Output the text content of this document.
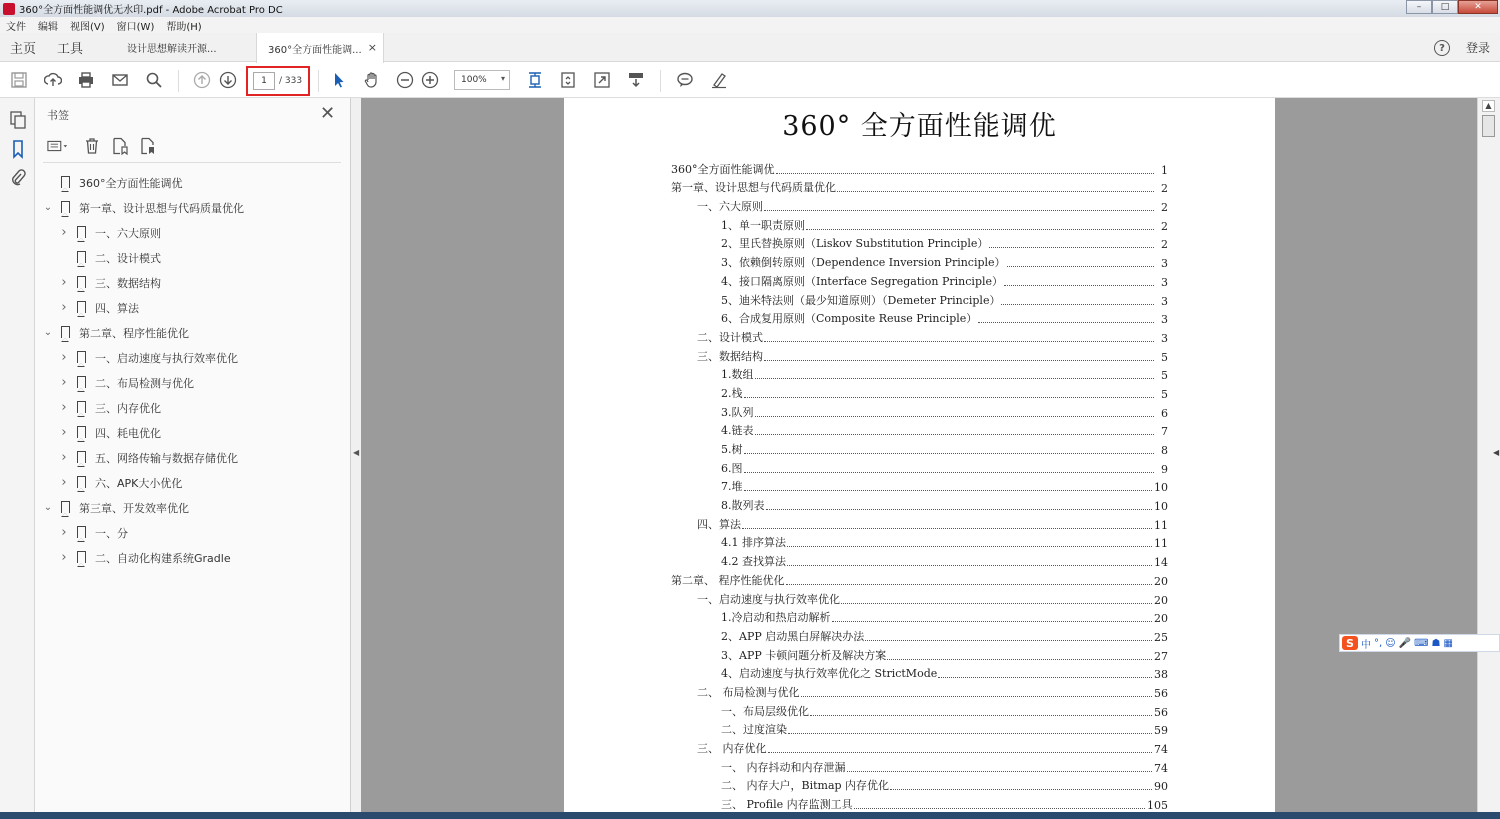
360°全方面性能调优无水印.pdf - Adobe Acrobat Pro DC	–	□	✕
文件	编辑	视图(V)	窗口(W)	帮助(H)
主页 工具	设计思想解读开源...	360°全方面性能调... ×	?	登录
1	/ 333	100% ▾
书签	✕
360°全方面性能调优
⌄ 第一章、设计思想与代码质量优化
›	一、六大原则
二、设计模式
›	三、数据结构
›	四、算法
⌄ 第二章、程序性能优化
›	一、启动速度与执行效率优化
›	二、布局检测与优化
›	三、内存优化
›	四、耗电优化
›	五、网络传输与数据存储优化
›	六、APK大小优化
⌄ 第三章、开发效率优化
›	一、分
›	二、自动化构建系统Gradle
◀
360° 全方面性能调优
360°全方面性能调优	1
第一章、设计思想与代码质量优化	2
一、六大原则	2
1、单一职责原则	2
2、里氏替换原则（Liskov Substitution Principle）	2
3、依赖倒转原则（Dependence Inversion Principle）	3
4、接口隔离原则（Interface Segregation Principle）	3
5、迪米特法则（最少知道原则）（Demeter Principle）	3
6、合成复用原则（Composite Reuse Principle）	3
二、设计模式	3
三、数据结构	5
1.数组	5
2.栈	5
3.队列	6
4.链表	7
5.树	8
6.图	9
7.堆	10
8.散列表	10
四、算法	11
4.1 排序算法	11
4.2 查找算法	14
第二章、 程序性能优化	20
一、启动速度与执行效率优化	20
1.冷启动和热启动解析	20
2、APP 启动黑白屏解决办法	25
3、APP 卡顿问题分析及解决方案	27
4、启动速度与执行效率优化之 StrictMode	38
二、 布局检测与优化	56
一、布局层级优化	56
二、过度渲染	59
三、 内存优化	74
一、 内存抖动和内存泄漏	74
二、 内存大户，Bitmap 内存优化	90
三、 Profile 内存监测工具	105
▲
◀
S 中 °, ☺ 🎤 ⌨ ☗ ▦
